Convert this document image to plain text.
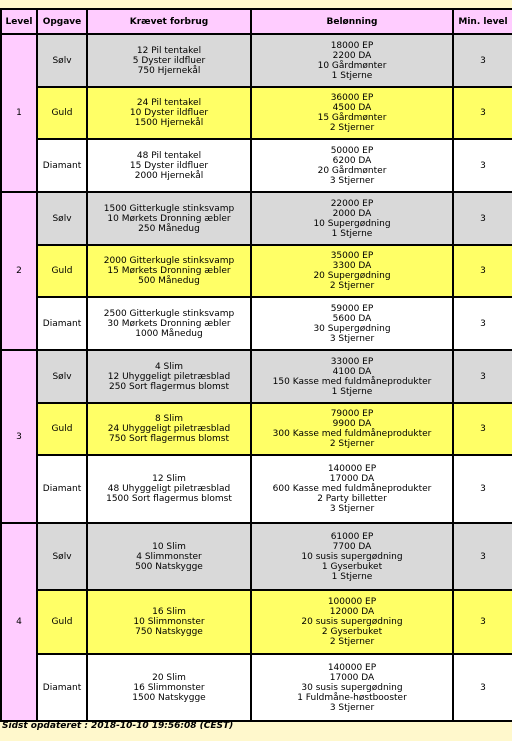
Level	Opgave	Krævet forbrug	Belønning	Min. level
1	Sølv	12 Pil tentakel
5 Dyster ildfluer
750 Hjernekål	18000 EP
2200 DA
10 Gårdmønter
1 Stjerne	3
	Guld	24 Pil tentakel
10 Dyster ildfluer
1500 Hjernekål	36000 EP
4500 DA
15 Gårdmønter
2 Stjerner	3
	Diamant	48 Pil tentakel
15 Dyster ildfluer
2000 Hjernekål	50000 EP
6200 DA
20 Gårdmønter
3 Stjerner	3
2	Sølv	1500 Gitterkugle stinksvamp
10 Mørkets Dronning æbler
250 Månedug	22000 EP
2000 DA
10 Supergødning
1 Stjerne	3
	Guld	2000 Gitterkugle stinksvamp
15 Mørkets Dronning æbler
500 Månedug	35000 EP
3300 DA
20 Supergødning
2 Stjerner	3
	Diamant	2500 Gitterkugle stinksvamp
30 Mørkets Dronning æbler
1000 Månedug	59000 EP
5600 DA
30 Supergødning
3 Stjerner	3
3	Sølv	4 Slim
12 Uhyggeligt piletræsblad
250 Sort flagermus blomst	33000 EP
4100 DA
150 Kasse med fuldmåneprodukter
1 Stjerne	3
	Guld	8 Slim
24 Uhyggeligt piletræsblad
750 Sort flagermus blomst	79000 EP
9900 DA
300 Kasse med fuldmåneprodukter
2 Stjerner	3
	Diamant	12 Slim
48 Uhyggeligt piletræsblad
1500 Sort flagermus blomst	140000 EP
17000 DA
600 Kasse med fuldmåneprodukter
2 Party billetter
3 Stjerner	3
4	Sølv	10 Slim
4 Slimmonster
500 Natskygge	61000 EP
7700 DA
10 susis supergødning
1 Gyserbuket
1 Stjerne	3
	Guld	16 Slim
10 Slimmonster
750 Natskygge	100000 EP
12000 DA
20 susis supergødning
2 Gyserbuket
2 Stjerner	3
	Diamant	20 Slim
16 Slimmonster
1500 Natskygge	140000 EP
17000 DA
30 susis supergødning
1 Fuldmåne-høstbooster
3 Stjerner	3
Sidst opdateret : 2018-10-10 19:56:08 (CEST)
